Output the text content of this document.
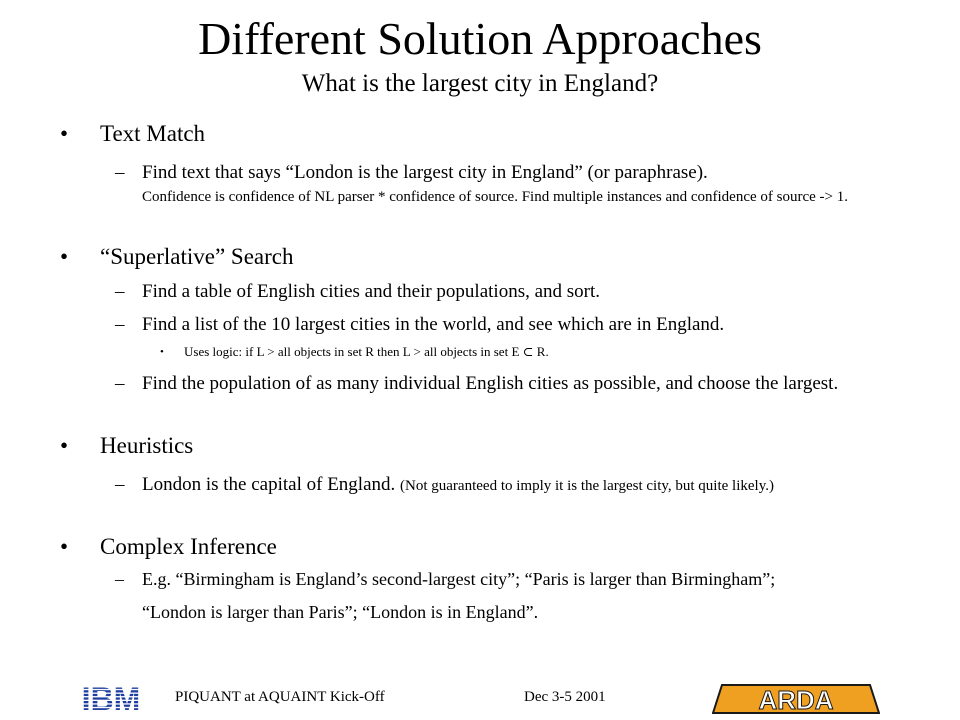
Different Solution Approaches
What is the largest city in England?
• Text Match
– Find text that says “London is the largest city in England” (or paraphrase).
Confidence is confidence of NL parser * confidence of source. Find multiple instances and confidence of source -> 1.
• “Superlative” Search
– Find a table of English cities and their populations, and sort.
– Find a list of the 10 largest cities in the world, and see which are in England.
• Uses logic: if L > all objects in set R then L > all objects in set E ⊂ R.
– Find the population of as many individual English cities as possible, and choose the largest.
• Heuristics
– London is the capital of England. (Not guaranteed to imply it is the largest city, but quite likely.)
• Complex Inference
– E.g. “Birmingham is England’s second-largest city”; “Paris is larger than Birmingham”;
“London is larger than Paris”; “London is in England”.
PIQUANT at AQUAINT Kick-Off	Dec 3-5 2001	ARDA
